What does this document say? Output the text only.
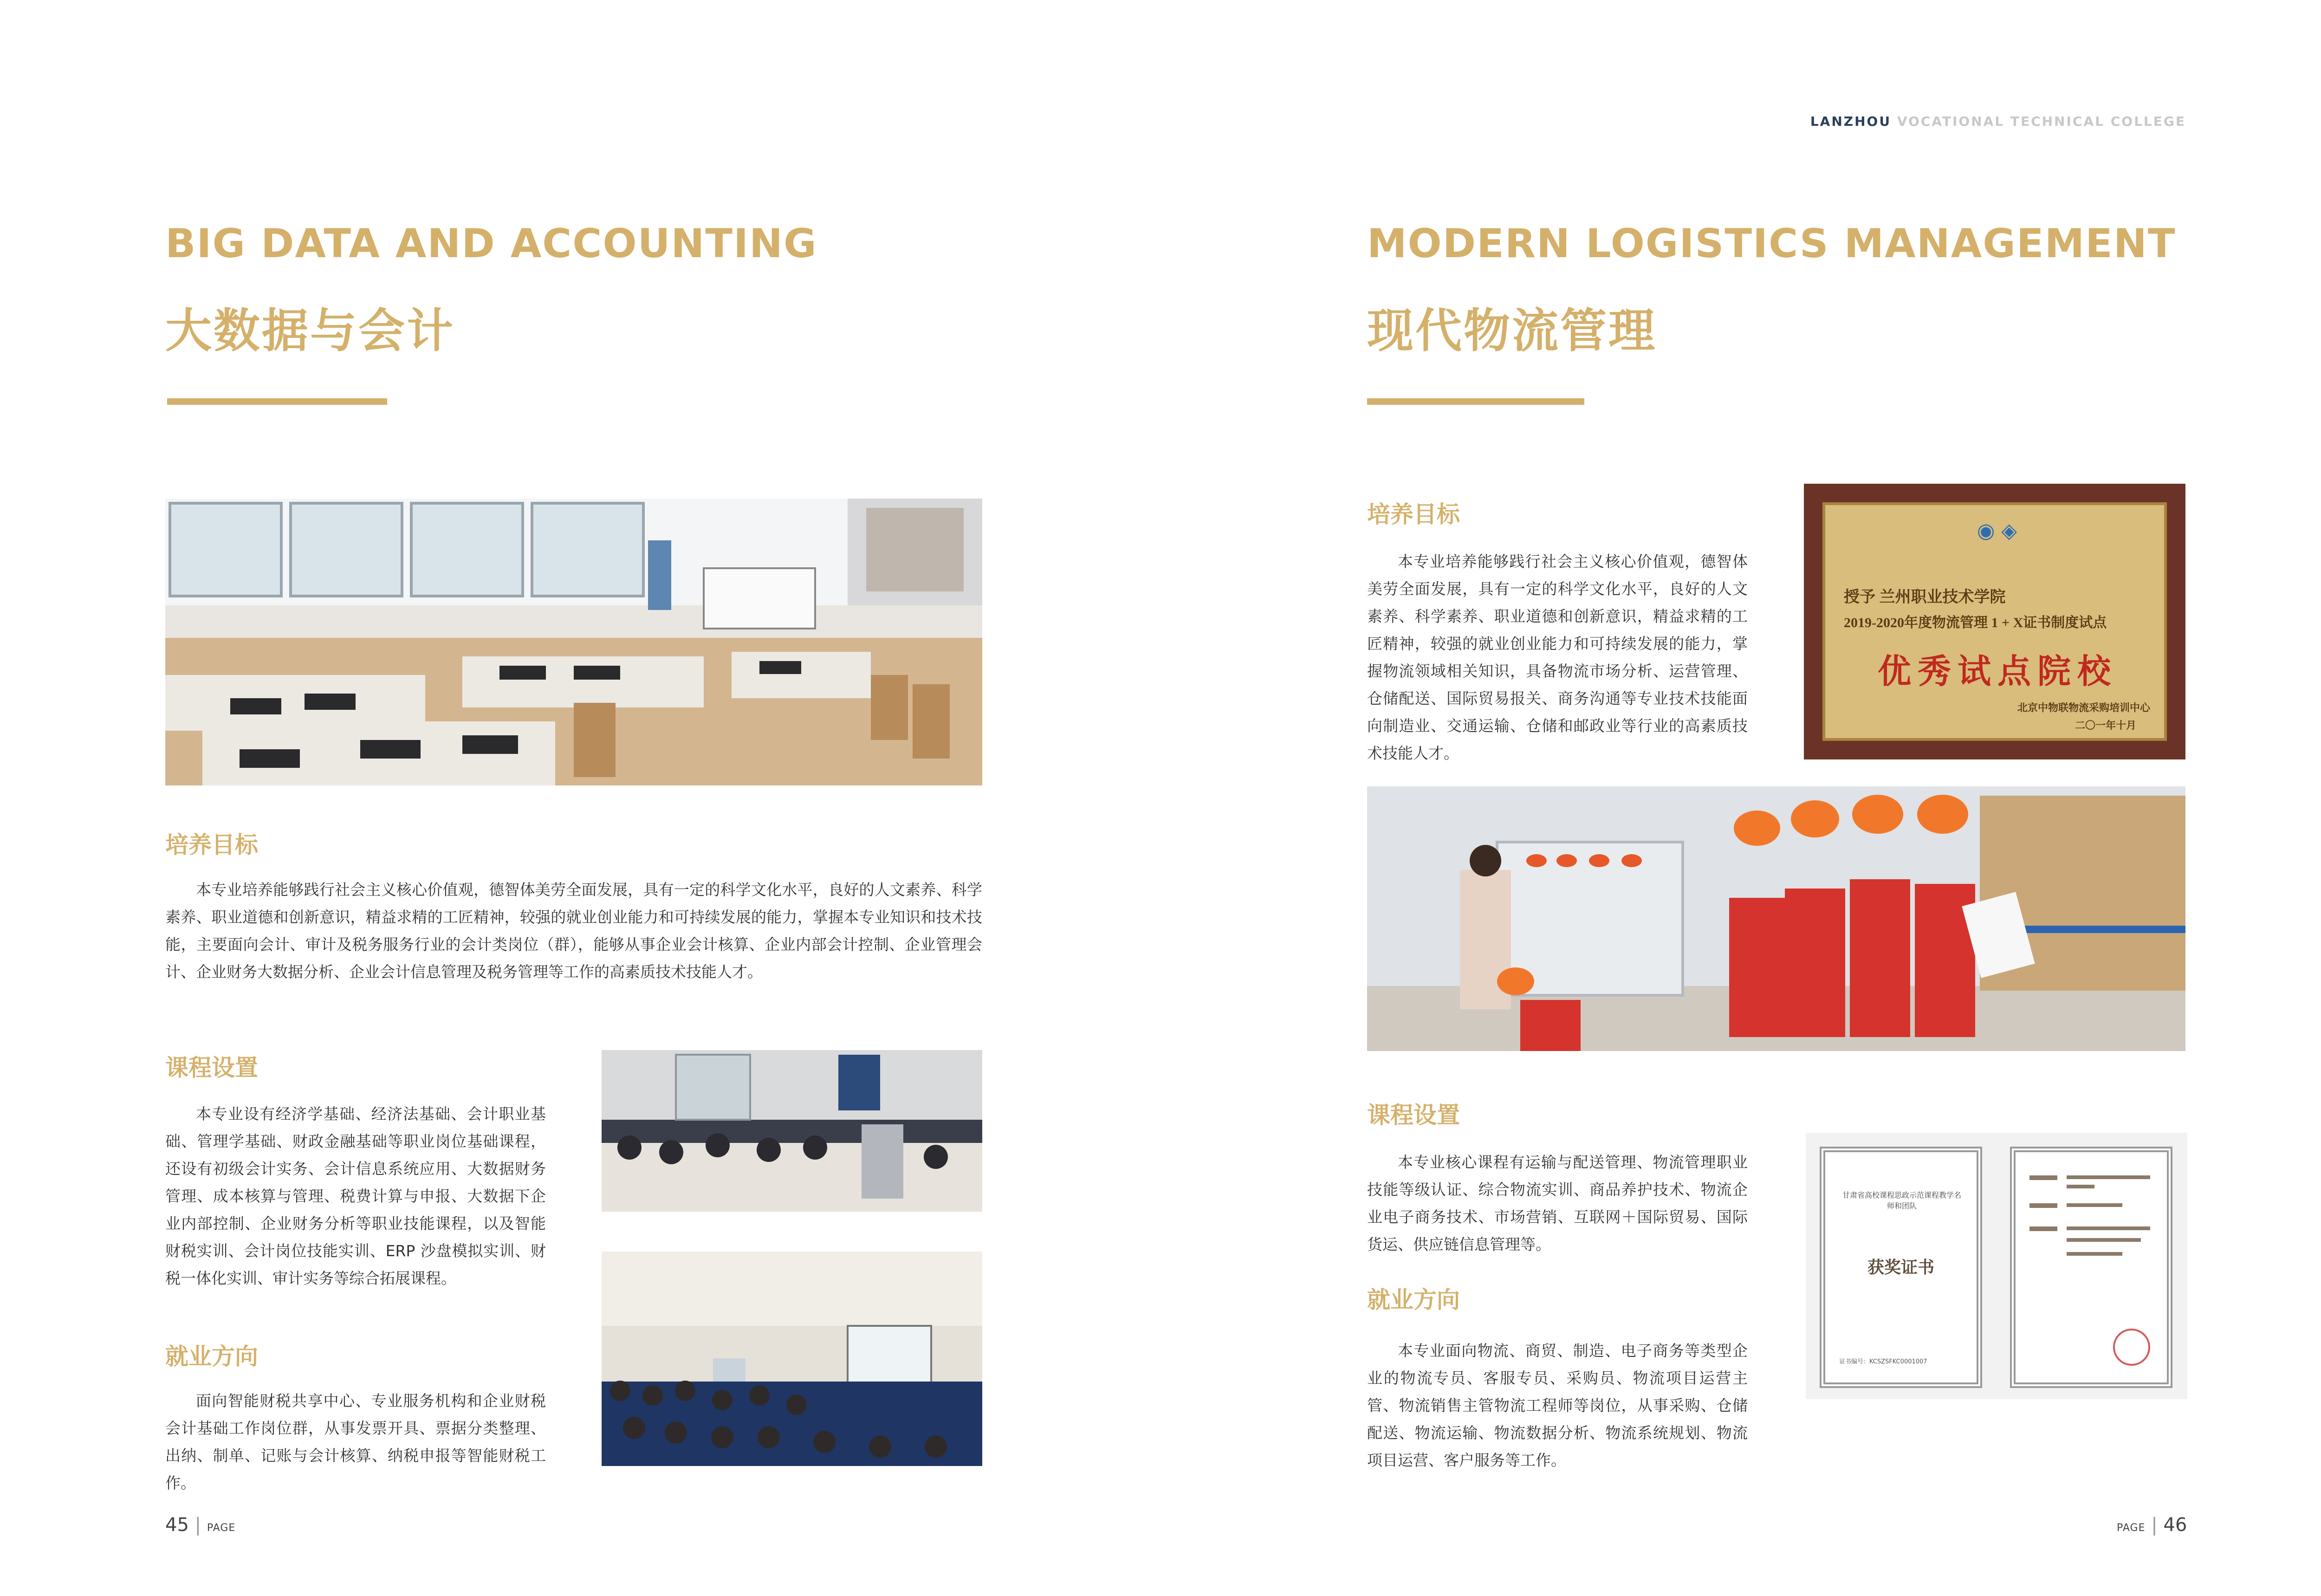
LANZHOU VOCATIONAL TECHNICAL COLLEGE
BIG DATA AND ACCOUNTING
大数据与会计
培养目标
本专业培养能够践行社会主义核心价值观，德智体美劳全面发展，具有一定的科学文化水平，良好的人文素养、科学素养、职业道德和创新意识，精益求精的工匠精神，较强的就业创业能力和可持续发展的能力，掌握本专业知识和技术技能，主要面向会计、审计及税务服务行业的会计类岗位（群），能够从事企业会计核算、企业内部会计控制、企业管理会计、企业财务大数据分析、企业会计信息管理及税务管理等工作的高素质技术技能人才。
课程设置
本专业设有经济学基础、经济法基础、会计职业基础、管理学基础、财政金融基础等职业岗位基础课程，还设有初级会计实务、会计信息系统应用、大数据财务管理、成本核算与管理、税费计算与申报、大数据下企业内部控制、企业财务分析等职业技能课程，以及智能财税实训、会计岗位技能实训、ERP 沙盘模拟实训、财税一体化实训、审计实务等综合拓展课程。
就业方向
面向智能财税共享中心、专业服务机构和企业财税会计基础工作岗位群，从事发票开具、票据分类整理、出纳、制单、记账与会计核算、纳税申报等智能财税工作。
45 | PAGE
MODERN LOGISTICS MANAGEMENT
现代物流管理
培养目标
本专业培养能够践行社会主义核心价值观，德智体美劳全面发展，具有一定的科学文化水平，良好的人文素养、科学素养、职业道德和创新意识，精益求精的工匠精神，较强的就业创业能力和可持续发展的能力，掌握物流领域相关知识，具备物流市场分析、运营管理、仓储配送、国际贸易报关、商务沟通等专业技术技能面向制造业、交通运输、仓储和邮政业等行业的高素质技术技能人才。
◉ ◈
授予 兰州职业技术学院
2019-2020年度物流管理 1 + X证书制度试点
优秀试点院校
北京中物联物流采购培训中心
二〇一年十月
课程设置
本专业核心课程有运输与配送管理、物流管理职业技能等级认证、综合物流实训、商品养护技术、物流企业电子商务技术、市场营销、互联网＋国际贸易、国际货运、供应链信息管理等。
就业方向
本专业面向物流、商贸、制造、电子商务等类型企业的物流专员、客服专员、采购员、物流项目运营主管、物流销售主管物流工程师等岗位，从事采购、仓储配送、物流运输、物流数据分析、物流系统规划、物流项目运营、客户服务等工作。
甘肃省高校课程思政示范课程教学名师和团队
获奖证书
证书编号：KCSZSFKC0001007
PAGE | 46
